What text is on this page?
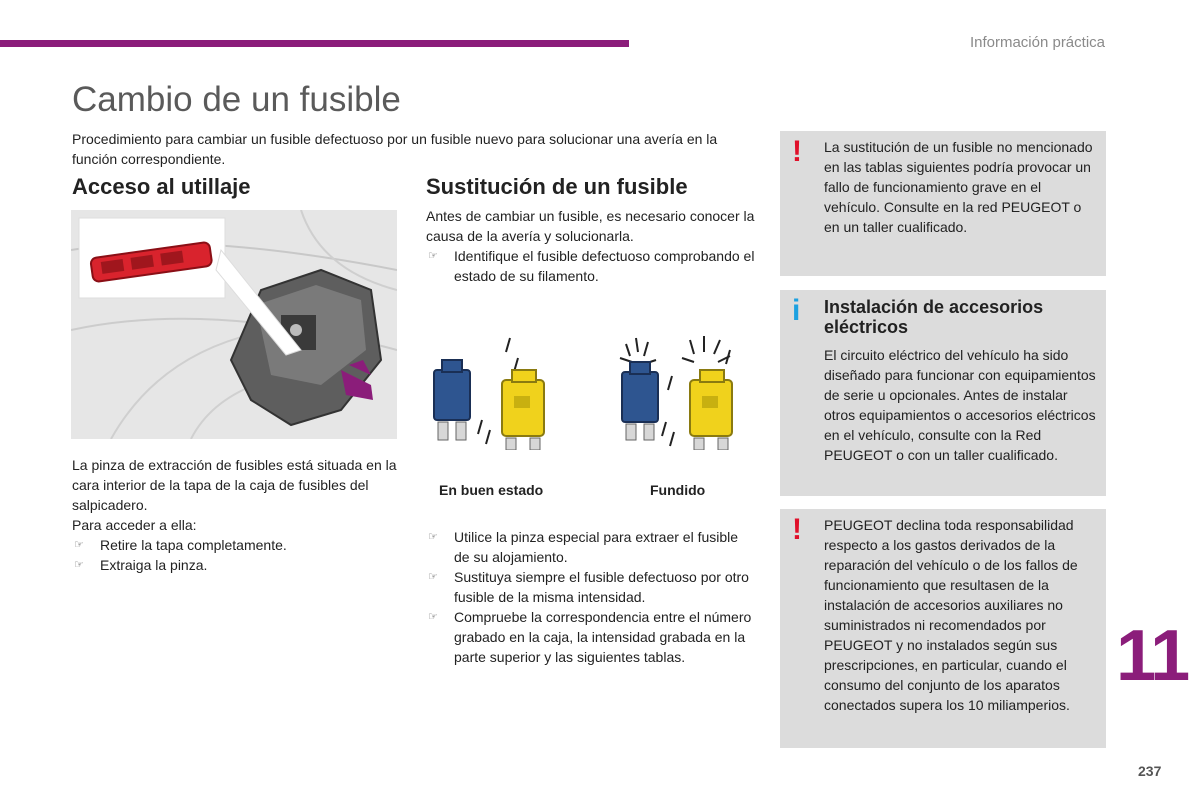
Información práctica
Cambio de un fusible

Procedimiento para cambiar un fusible defectuoso por un fusible nuevo para solucionar una avería en la función correspondiente.

Acceso al utillaje	Sustitución de un fusible

La pinza de extracción de fusibles está situada en la cara interior de la tapa de la caja de fusibles del salpicadero.

Para acceder a ella:

☞	Retire la tapa completamente.
☞	Extraiga la pinza.

Antes de cambiar un fusible, es necesario conocer la causa de la avería y solucionarla.

☞	Identifique el fusible defectuoso comprobando el estado de su filamento.
En buen estado	Fundido
☞	Utilice la pinza especial para extraer el fusible de su alojamiento.
☞	Sustituya siempre el fusible defectuoso por otro fusible de la misma intensidad.
☞	Compruebe la correspondencia entre el número grabado en la caja, la intensidad grabada en la parte superior y las siguientes tablas.
! La sustitución de un fusible no mencionado en las tablas siguientes podría provocar un fallo de funcionamiento grave en el vehículo. Consulte en la red PEUGEOT o en un taller cualificado.

i Instalación de accesorios eléctricos

El circuito eléctrico del vehículo ha sido diseñado para funcionar con equipamientos de serie u opcionales. Antes de instalar otros equipamientos o accesorios eléctricos en el vehículo, consulte con la Red PEUGEOT o con un taller cualificado.

! PEUGEOT declina toda responsabilidad respecto a los gastos derivados de la reparación del vehículo o de los fallos de funcionamiento que resultasen de la instalación de accesorios auxiliares no suministrados ni recomendados por PEUGEOT y no instalados según sus prescripciones, en particular, cuando el consumo del conjunto de los aparatos conectados supera los 10 miliamperios.

11
237
